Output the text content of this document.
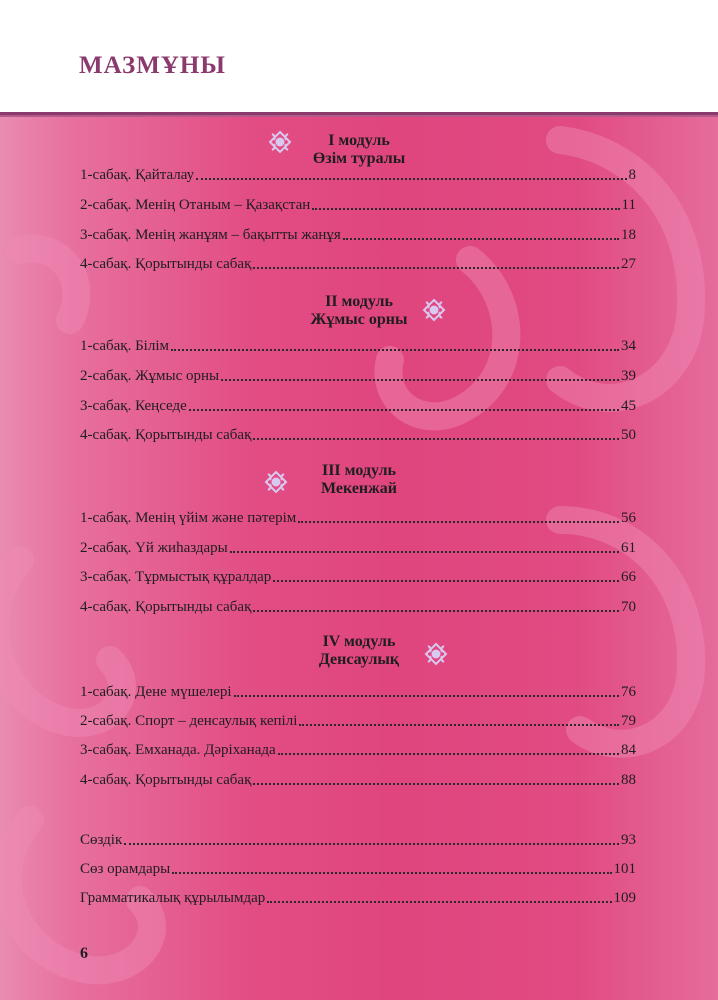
МАЗМҰНЫ
I модуль
Өзім туралы
1-сабақ. Қайталау	8
2-сабақ. Менің Отаным – Қазақстан	11
3-сабақ. Менің жанұям – бақытты жанұя	18
4-сабақ. Қорытынды сабақ	27
II модуль
Жұмыс орны
1-сабақ. Білім	34
2-сабақ. Жұмыс орны	39
3-сабақ. Кеңседе	45
4-сабақ. Қорытынды сабақ	50
III модуль
Мекенжай
1-сабақ. Менің үйім және пәтерім	56
2-сабақ. Үй жиһаздары	61
3-сабақ. Тұрмыстық құралдар	66
4-сабақ. Қорытынды сабақ	70
IV модуль
Денсаулық
1-сабақ. Дене мүшелері	76
2-сабақ. Спорт – денсаулық кепілі	79
3-сабақ. Емханада. Дәріханада	84
4-сабақ. Қорытынды сабақ	88
Сөздік	93
Сөз орамдары	101
Грамматикалық құрылымдар	109
6
